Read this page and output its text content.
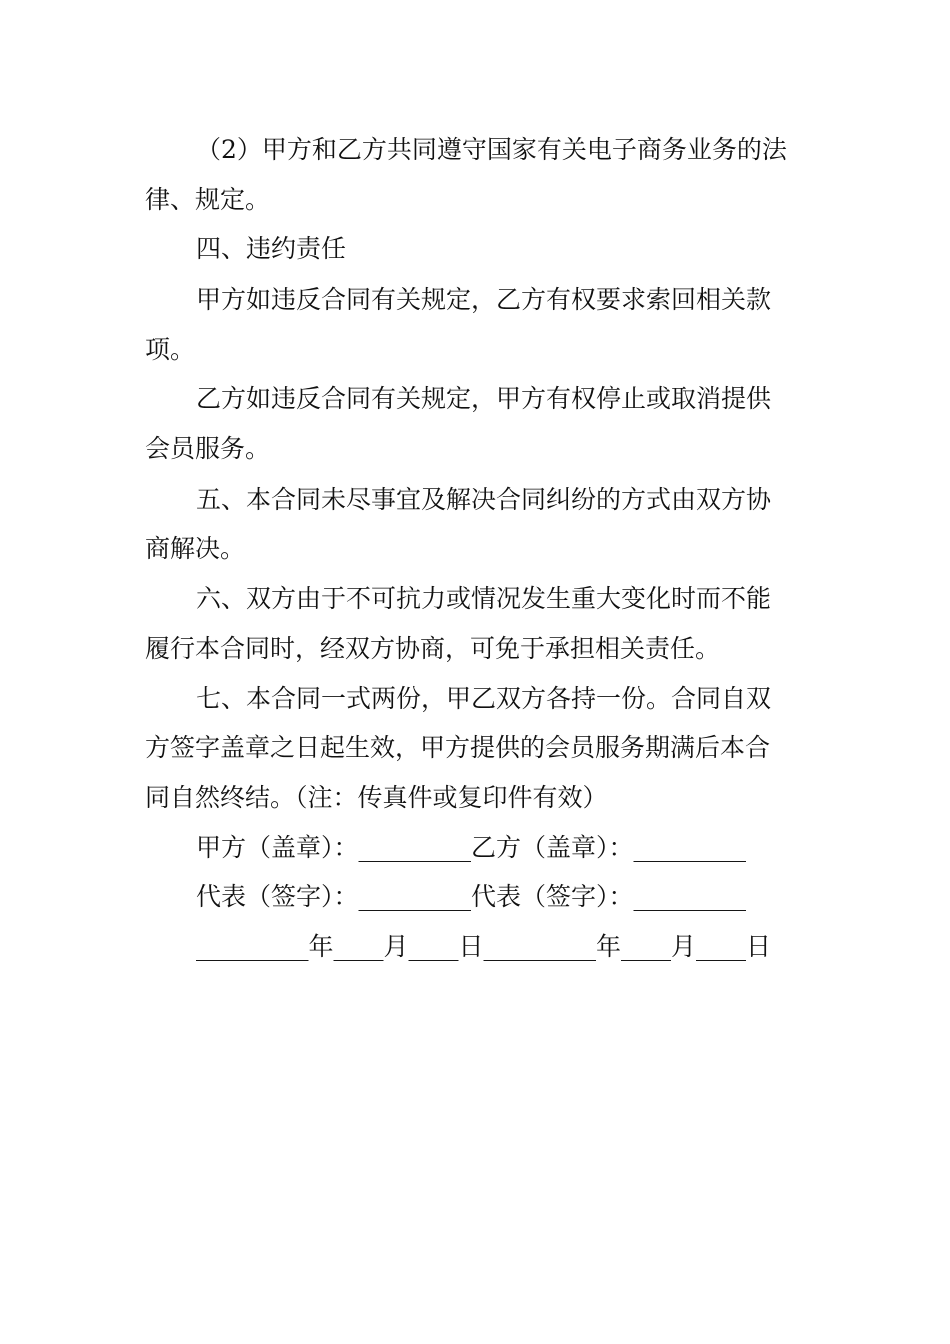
（2）甲方和乙方共同遵守国家有关电子商务业务的法
律、规定。
四、违约责任
甲方如违反合同有关规定，乙方有权要求索回相关款
项。
乙方如违反合同有关规定，甲方有权停止或取消提供
会员服务。
五、本合同未尽事宜及解决合同纠纷的方式由双方协
商解决。
六、双方由于不可抗力或情况发生重大变化时而不能
履行本合同时，经双方协商，可免于承担相关责任。
七、本合同一式两份，甲乙双方各持一份。合同自双
方签字盖章之日起生效，甲方提供的会员服务期满后本合
同自然终结。（注：传真件或复印件有效）
甲方（盖章）：_________乙方（盖章）：_________
代表（签字）：_________代表（签字）：_________
_________年____月____日_________年____月____日
